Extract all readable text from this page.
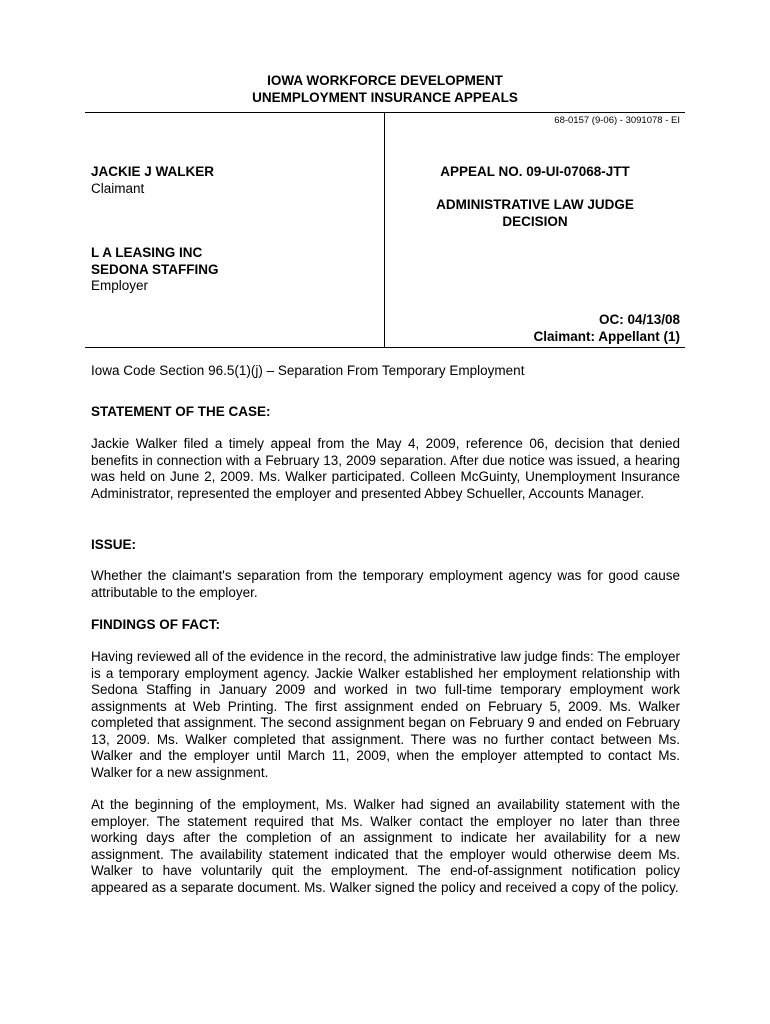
IOWA WORKFORCE DEVELOPMENT
UNEMPLOYMENT INSURANCE APPEALS
68-0157 (9-06) - 3091078 - EI
JACKIE J WALKER
Claimant
L A LEASING INC
SEDONA STAFFING
Employer
APPEAL NO. 09-UI-07068-JTT
ADMINISTRATIVE LAW JUDGE
DECISION
OC: 04/13/08
Claimant: Appellant (1)
Iowa Code Section 96.5(1)(j) – Separation From Temporary Employment
STATEMENT OF THE CASE:
Jackie Walker filed a timely appeal from the May 4, 2009, reference 06, decision that denied benefits in connection with a February 13, 2009 separation. After due notice was issued, a hearing was held on June 2, 2009. Ms. Walker participated. Colleen McGuinty, Unemployment Insurance Administrator, represented the employer and presented Abbey Schueller, Accounts Manager.
ISSUE:
Whether the claimant's separation from the temporary employment agency was for good cause attributable to the employer.
FINDINGS OF FACT:
Having reviewed all of the evidence in the record, the administrative law judge finds: The employer is a temporary employment agency. Jackie Walker established her employment relationship with Sedona Staffing in January 2009 and worked in two full-time temporary employment work assignments at Web Printing. The first assignment ended on February 5, 2009. Ms. Walker completed that assignment. The second assignment began on February 9 and ended on February 13, 2009. Ms. Walker completed that assignment. There was no further contact between Ms. Walker and the employer until March 11, 2009, when the employer attempted to contact Ms. Walker for a new assignment.
At the beginning of the employment, Ms. Walker had signed an availability statement with the employer. The statement required that Ms. Walker contact the employer no later than three working days after the completion of an assignment to indicate her availability for a new assignment. The availability statement indicated that the employer would otherwise deem Ms. Walker to have voluntarily quit the employment. The end-of-assignment notification policy appeared as a separate document. Ms. Walker signed the policy and received a copy of the policy.
